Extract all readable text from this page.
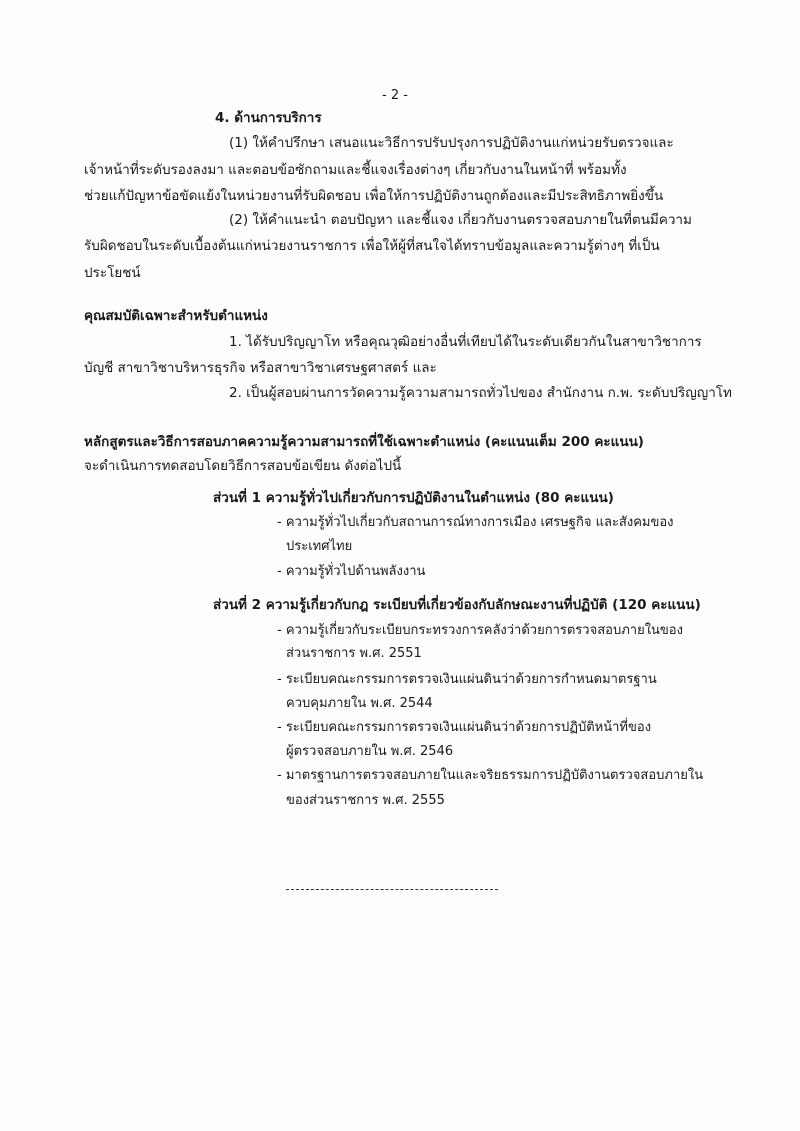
- 2 -
4. ด้านการบริการ
(1) ให้คำปรึกษา เสนอแนะวิธีการปรับปรุงการปฏิบัติงานแก่หน่วยรับตรวจและ
เจ้าหน้าที่ระดับรองลงมา และตอบข้อซักถามและชี้แจงเรื่องต่างๆ เกี่ยวกับงานในหน้าที่ พร้อมทั้ง
ช่วยแก้ปัญหาข้อขัดแย้งในหน่วยงานที่รับผิดชอบ เพื่อให้การปฏิบัติงานถูกต้องและมีประสิทธิภาพยิ่งขึ้น
(2) ให้คำแนะนำ ตอบปัญหา และชี้แจง เกี่ยวกับงานตรวจสอบภายในที่ตนมีความ
รับผิดชอบในระดับเบื้องต้นแก่หน่วยงานราชการ เพื่อให้ผู้ที่สนใจได้ทราบข้อมูลและความรู้ต่างๆ ที่เป็น
ประโยชน์
คุณสมบัติเฉพาะสำหรับตำแหน่ง
1. ได้รับปริญญาโท หรือคุณวุฒิอย่างอื่นที่เทียบได้ในระดับเดียวกันในสาขาวิชาการ
บัญชี สาขาวิชาบริหารธุรกิจ หรือสาขาวิชาเศรษฐศาสตร์ และ
2. เป็นผู้สอบผ่านการวัดความรู้ความสามารถทั่วไปของ สำนักงาน ก.พ. ระดับปริญญาโท
หลักสูตรและวิธีการสอบภาคความรู้ความสามารถที่ใช้เฉพาะตำแหน่ง (คะแนนเต็ม 200 คะแนน)
จะดำเนินการทดสอบโดยวิธีการสอบข้อเขียน ดังต่อไปนี้
ส่วนที่ 1 ความรู้ทั่วไปเกี่ยวกับการปฏิบัติงานในตำแหน่ง (80 คะแนน)
- ความรู้ทั่วไปเกี่ยวกับสถานการณ์ทางการเมือง เศรษฐกิจ และสังคมของ
ประเทศไทย
- ความรู้ทั่วไปด้านพลังงาน
ส่วนที่ 2 ความรู้เกี่ยวกับกฎ ระเบียบที่เกี่ยวข้องกับลักษณะงานที่ปฏิบัติ (120 คะแนน)
- ความรู้เกี่ยวกับระเบียบกระทรวงการคลังว่าด้วยการตรวจสอบภายในของ
ส่วนราชการ พ.ศ. 2551
- ระเบียบคณะกรรมการตรวจเงินแผ่นดินว่าด้วยการกำหนดมาตรฐาน
ควบคุมภายใน พ.ศ. 2544
- ระเบียบคณะกรรมการตรวจเงินแผ่นดินว่าด้วยการปฏิบัติหน้าที่ของ
ผู้ตรวจสอบภายใน พ.ศ. 2546
- มาตรฐานการตรวจสอบภายในและจริยธรรมการปฏิบัติงานตรวจสอบภายใน
ของส่วนราชการ พ.ศ. 2555
